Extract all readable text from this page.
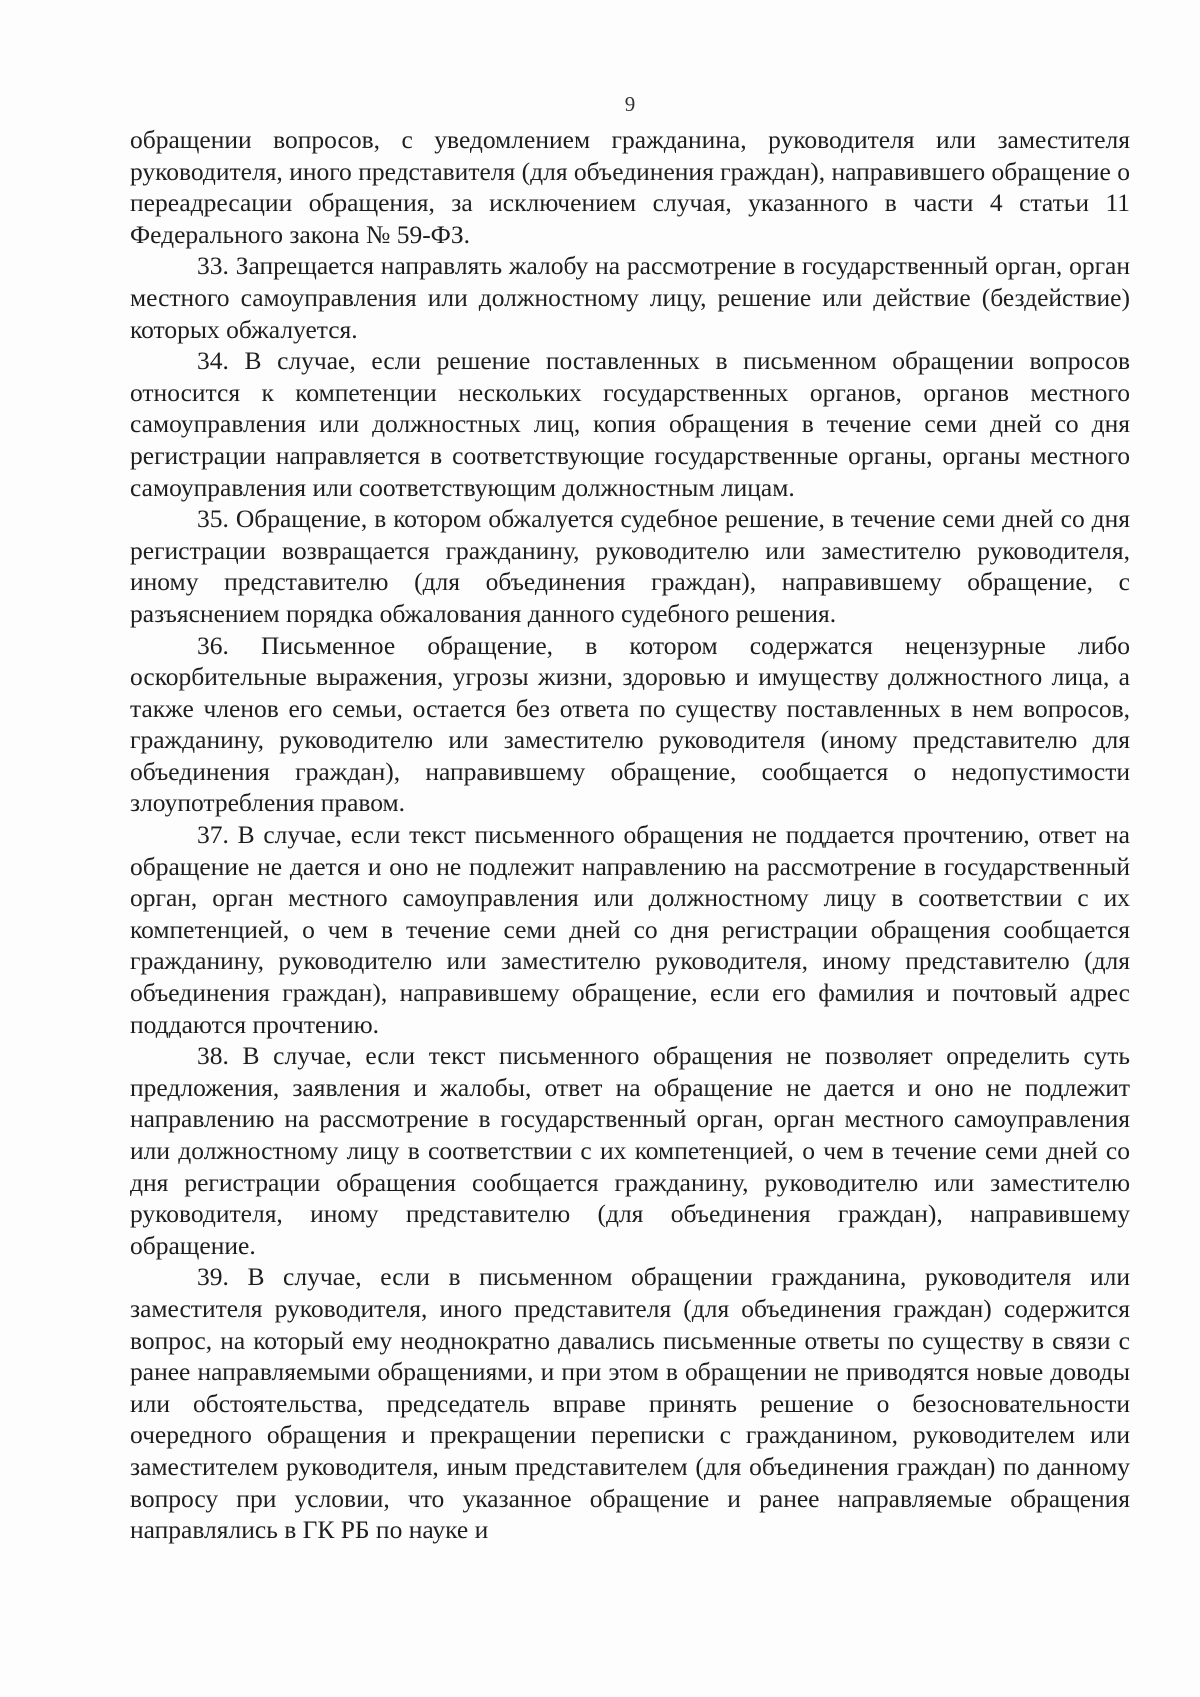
9

обращении вопросов, с уведомлением гражданина, руководителя или заместителя руководителя, иного представителя (для объединения граждан), направившего обращение о переадресации обращения, за исключением случая, указанного в части 4 статьи 11 Федерального закона № 59-ФЗ.

33. Запрещается направлять жалобу на рассмотрение в государственный орган, орган местного самоуправления или должностному лицу, решение или действие (бездействие) которых обжалуется.

34. В случае, если решение поставленных в письменном обращении вопросов относится к компетенции нескольких государственных органов, органов местного самоуправления или должностных лиц, копия обращения в течение семи дней со дня регистрации направляется в соответствующие государственные органы, органы местного самоуправления или соответствующим должностным лицам.

35. Обращение, в котором обжалуется судебное решение, в течение семи дней со дня регистрации возвращается гражданину, руководителю или заместителю руководителя, иному представителю (для объединения граждан), направившему обращение, с разъяснением порядка обжалования данного судебного решения.

36. Письменное обращение, в котором содержатся нецензурные либо оскорбительные выражения, угрозы жизни, здоровью и имуществу должностного лица, а также членов его семьи, остается без ответа по существу поставленных в нем вопросов, гражданину, руководителю или заместителю руководителя (иному представителю для объединения граждан), направившему обращение, сообщается о недопустимости злоупотребления правом.

37. В случае, если текст письменного обращения не поддается прочтению, ответ на обращение не дается и оно не подлежит направлению на рассмотрение в государственный орган, орган местного самоуправления или должностному лицу в соответствии с их компетенцией, о чем в течение семи дней со дня регистрации обращения сообщается гражданину, руководителю или заместителю руководителя, иному представителю (для объединения граждан), направившему обращение, если его фамилия и почтовый адрес поддаются прочтению.

38. В случае, если текст письменного обращения не позволяет определить суть предложения, заявления и жалобы, ответ на обращение не дается и оно не подлежит направлению на рассмотрение в государственный орган, орган местного самоуправления или должностному лицу в соответствии с их компетенцией, о чем в течение семи дней со дня регистрации обращения сообщается гражданину, руководителю или заместителю руководителя, иному представителю (для объединения граждан), направившему обращение.

39. В случае, если в письменном обращении гражданина, руководителя или заместителя руководителя, иного представителя (для объединения граждан) содержится вопрос, на который ему неоднократно давались письменные ответы по существу в связи с ранее направляемыми обращениями, и при этом в обращении не приводятся новые доводы или обстоятельства, председатель вправе принять решение о безосновательности очередного обращения и прекращении переписки с гражданином, руководителем или заместителем руководителя, иным представителем (для объединения граждан) по данному вопросу при условии, что указанное обращение и ранее направляемые обращения направлялись в ГК РБ по науке и
